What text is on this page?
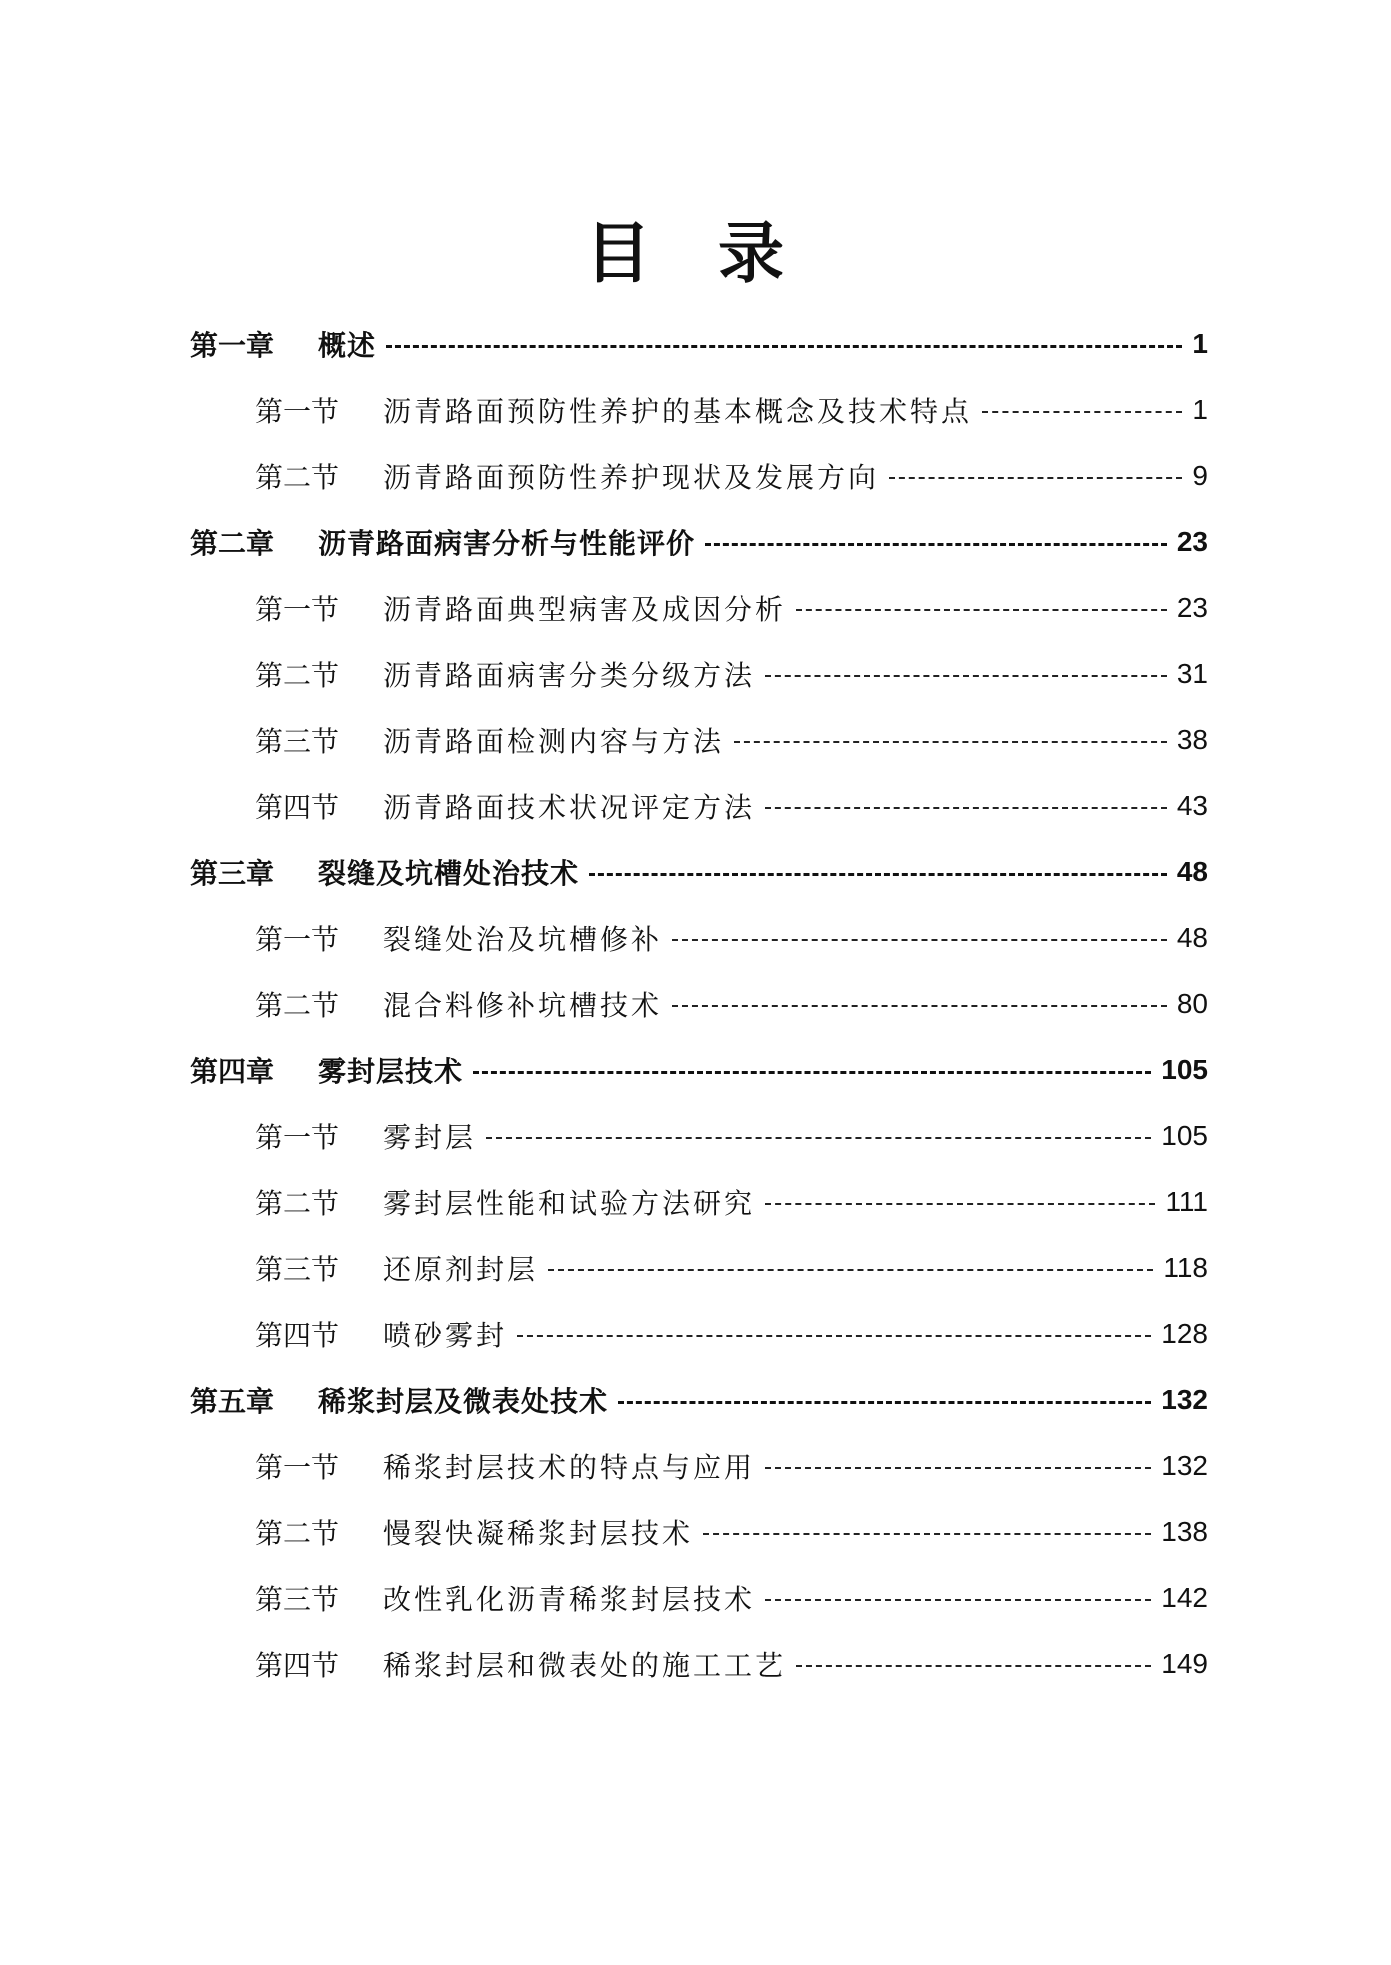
目 录
第一章	概述	1
第一节	沥青路面预防性养护的基本概念及技术特点	1
第二节	沥青路面预防性养护现状及发展方向	9
第二章	沥青路面病害分析与性能评价	23
第一节	沥青路面典型病害及成因分析	23
第二节	沥青路面病害分类分级方法	31
第三节	沥青路面检测内容与方法	38
第四节	沥青路面技术状况评定方法	43
第三章	裂缝及坑槽处治技术	48
第一节	裂缝处治及坑槽修补	48
第二节	混合料修补坑槽技术	80
第四章	雾封层技术	105
第一节	雾封层	105
第二节	雾封层性能和试验方法研究	111
第三节	还原剂封层	118
第四节	喷砂雾封	128
第五章	稀浆封层及微表处技术	132
第一节	稀浆封层技术的特点与应用	132
第二节	慢裂快凝稀浆封层技术	138
第三节	改性乳化沥青稀浆封层技术	142
第四节	稀浆封层和微表处的施工工艺	149
